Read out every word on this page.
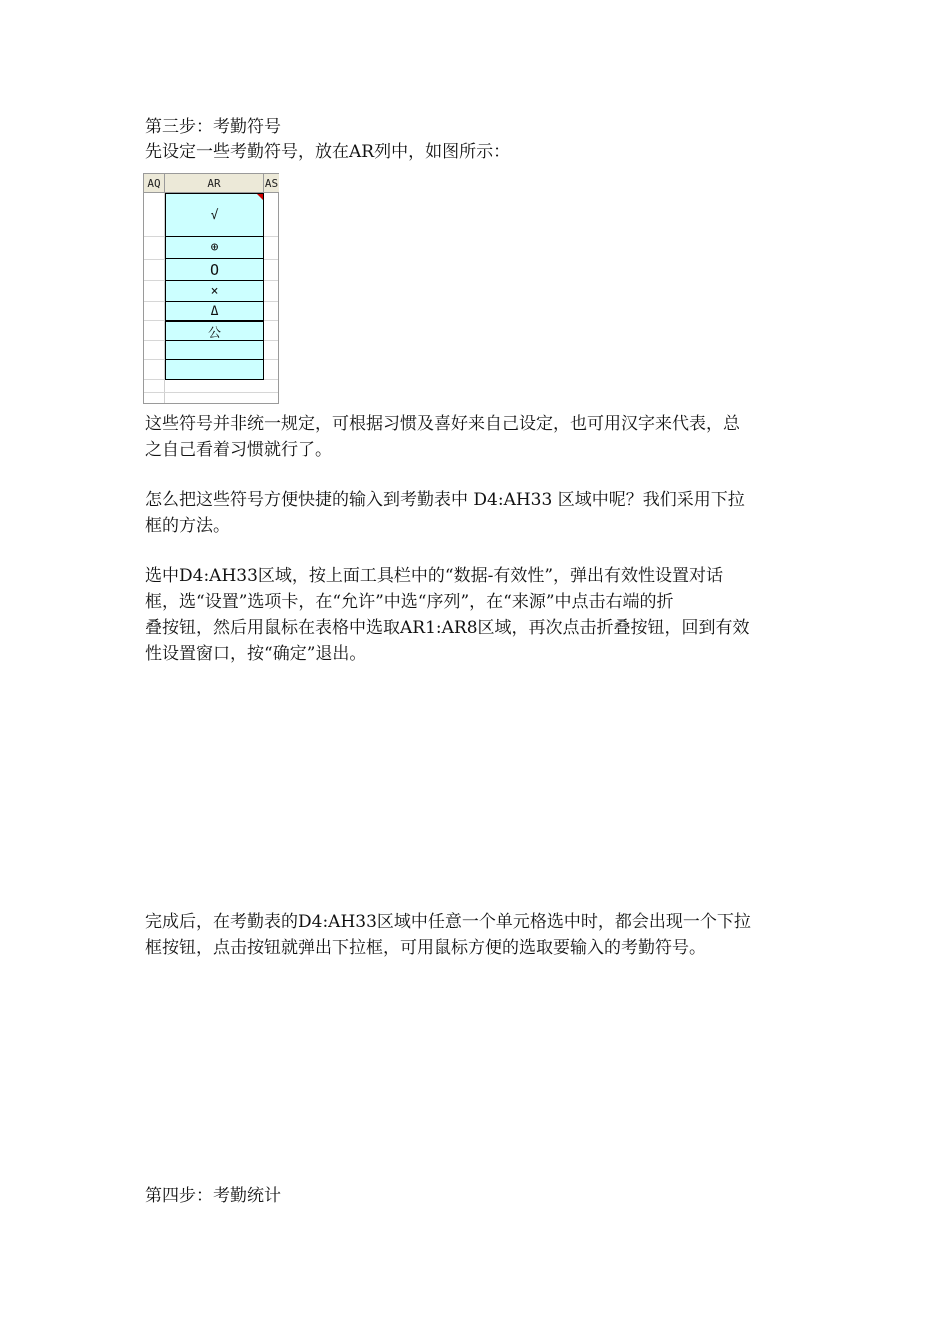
第三步：考勤符号
先设定一些考勤符号，放在AR列中，如图所示：
AQ	AR	AS
√
⊕
O
×
Δ
公
这些符号并非统一规定，可根据习惯及喜好来自己设定，也可用汉字来代表，总
之自己看着习惯就行了。
怎么把这些符号方便快捷的输入到考勤表中 D4:AH33 区域中呢？我们采用下拉
框的方法。
选中D4:AH33区域，按上面工具栏中的“数据-有效性”，弹出有效性设置对话
框，选“设置”选项卡，在“允许”中选“序列”，在“来源”中点击右端的折
叠按钮，然后用鼠标在表格中选取AR1:AR8区域，再次点击折叠按钮，回到有效
性设置窗口，按“确定”退出。
完成后，在考勤表的D4:AH33区域中任意一个单元格选中时，都会出现一个下拉
框按钮，点击按钮就弹出下拉框，可用鼠标方便的选取要输入的考勤符号。
第四步：考勤统计
